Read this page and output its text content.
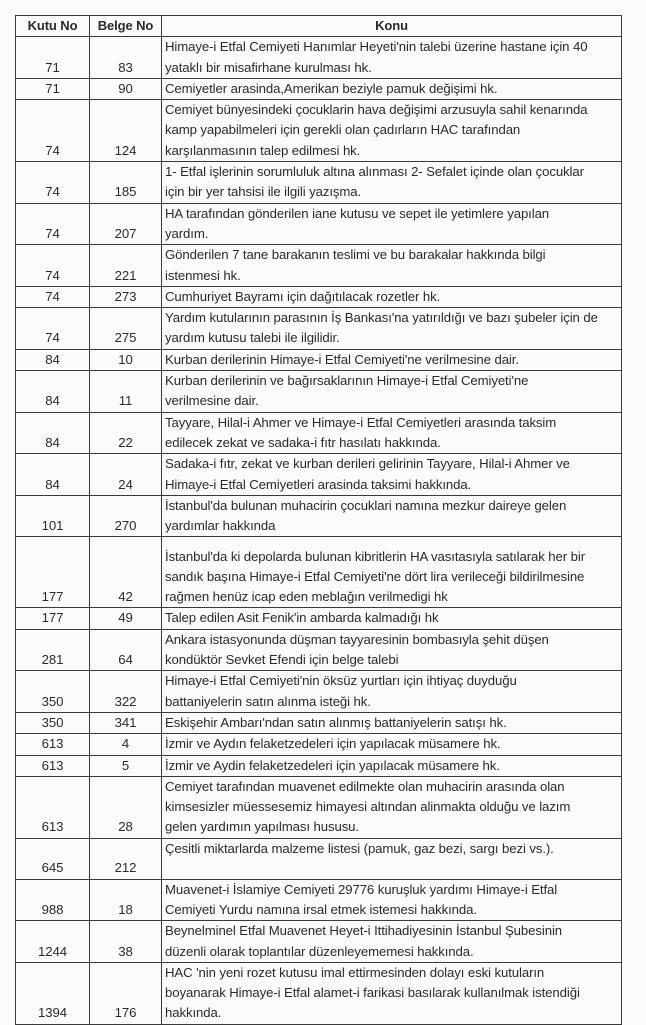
Kutu No	Belge No	Konu
71	83	Himaye-i Etfal Cemiyeti Hanımlar Heyeti'nin talebi üzerine hastane için 40
yataklı bir misafirhane kurulması hk.

71	90	Cemiyetler arasinda,Amerikan beziyle pamuk değişimi hk.

74	124	Cemiyet bünyesindeki çocuklarin hava değişimi arzusuyla sahil kenarında
kamp yapabilmeleri için gerekli olan çadırların HAC tarafından
karşılanmasının talep edilmesi hk.

74	185	1- Etfal işlerinin sorumluluk altına alınması 2- Sefalet içinde olan çocuklar
için bir yer tahsisi ile ilgili yazışma.

74	207	HA tarafından gönderilen iane kutusu ve sepet ile yetimlere yapılan
yardım.

74	221	Gönderilen 7 tane barakanın teslimi ve bu barakalar hakkında bilgi
istenmesi hk.

74	273	Cumhuriyet Bayramı için dağıtılacak rozetler hk.

74	275	Yardım kutularının parasının İş Bankası'na yatırıldığı ve bazı şubeler için de
yardım kutusu talebi ile ilgilidir.

84	10	Kurban derilerinin Himaye-i Etfal Cemiyeti'ne verilmesine dair.

84	11	Kurban derilerinin ve bağırsaklarının Himaye-i Etfal Cemiyeti'ne
verilmesine dair.

84	22	Tayyare, Hilal-i Ahmer ve Himaye-i Etfal Cemiyetleri arasında taksim
edilecek zekat ve sadaka-i fıtr hasılatı hakkında.

84	24	Sadaka-i fıtr, zekat ve kurban derileri gelirinin Tayyare, Hilal-i Ahmer ve
Himaye-i Etfal Cemiyetleri arasinda taksimi hakkında.

101	270	İstanbul'da bulunan muhacirin çocuklari namına mezkur daireye gelen
yardımlar hakkında

177	42	İstanbul'da ki depolarda bulunan kibritlerin HA vasıtasıyla satılarak her bir
sandık başına Himaye-i Etfal Cemiyeti'ne dört lira verileceği bildirilmesine
rağmen henüz icap eden meblağın verilmedigi hk

177	49	Talep edilen Asit Fenik'in ambarda kalmadığı hk

281	64	Ankara istasyonunda düşman tayyaresinin bombasıyla şehit düşen
kondüktör Sevket Efendi için belge talebi

350	322	Himaye-i Etfal Cemiyeti'nin öksüz yurtları için ihtiyaç duyduğu
battaniyelerin satın alınma isteği hk.

350	341	Eskişehir Ambarı'ndan satın alınmış battaniyelerin satışı hk.

613	4	İzmir ve Aydın felaketzedeleri için yapılacak müsamere hk.

613	5	İzmir ve Aydin felaketzedeleri için yapılacak müsamere hk.

613	28	Cemiyet tarafından muavenet edilmekte olan muhacirin arasında olan
kimsesizler müessesemiz himayesi altından alinmakta olduğu ve lazım
gelen yardımın yapılması hususu.

645	212	Çesitli miktarlarda malzeme listesi (pamuk, gaz bezi, sargı bezi vs.).

988	18	Muavenet-i İslamiye Cemiyeti 29776 kuruşluk yardımı Himaye-i Etfal
Cemiyeti Yurdu namına irsal etmek istemesi hakkında.

1244	38	Beynelminel Etfal Muavenet Heyet-i Ittihadiyesinin İstanbul Şubesinin
düzenli olarak toplantılar düzenleyememesi hakkında.

1394	176	HAC 'nin yeni rozet kutusu imal ettirmesinden dolayı eski kutuların
boyanarak Himaye-i Etfal alamet-i farikasi basılarak kullanılmak istendiği
hakkında.
